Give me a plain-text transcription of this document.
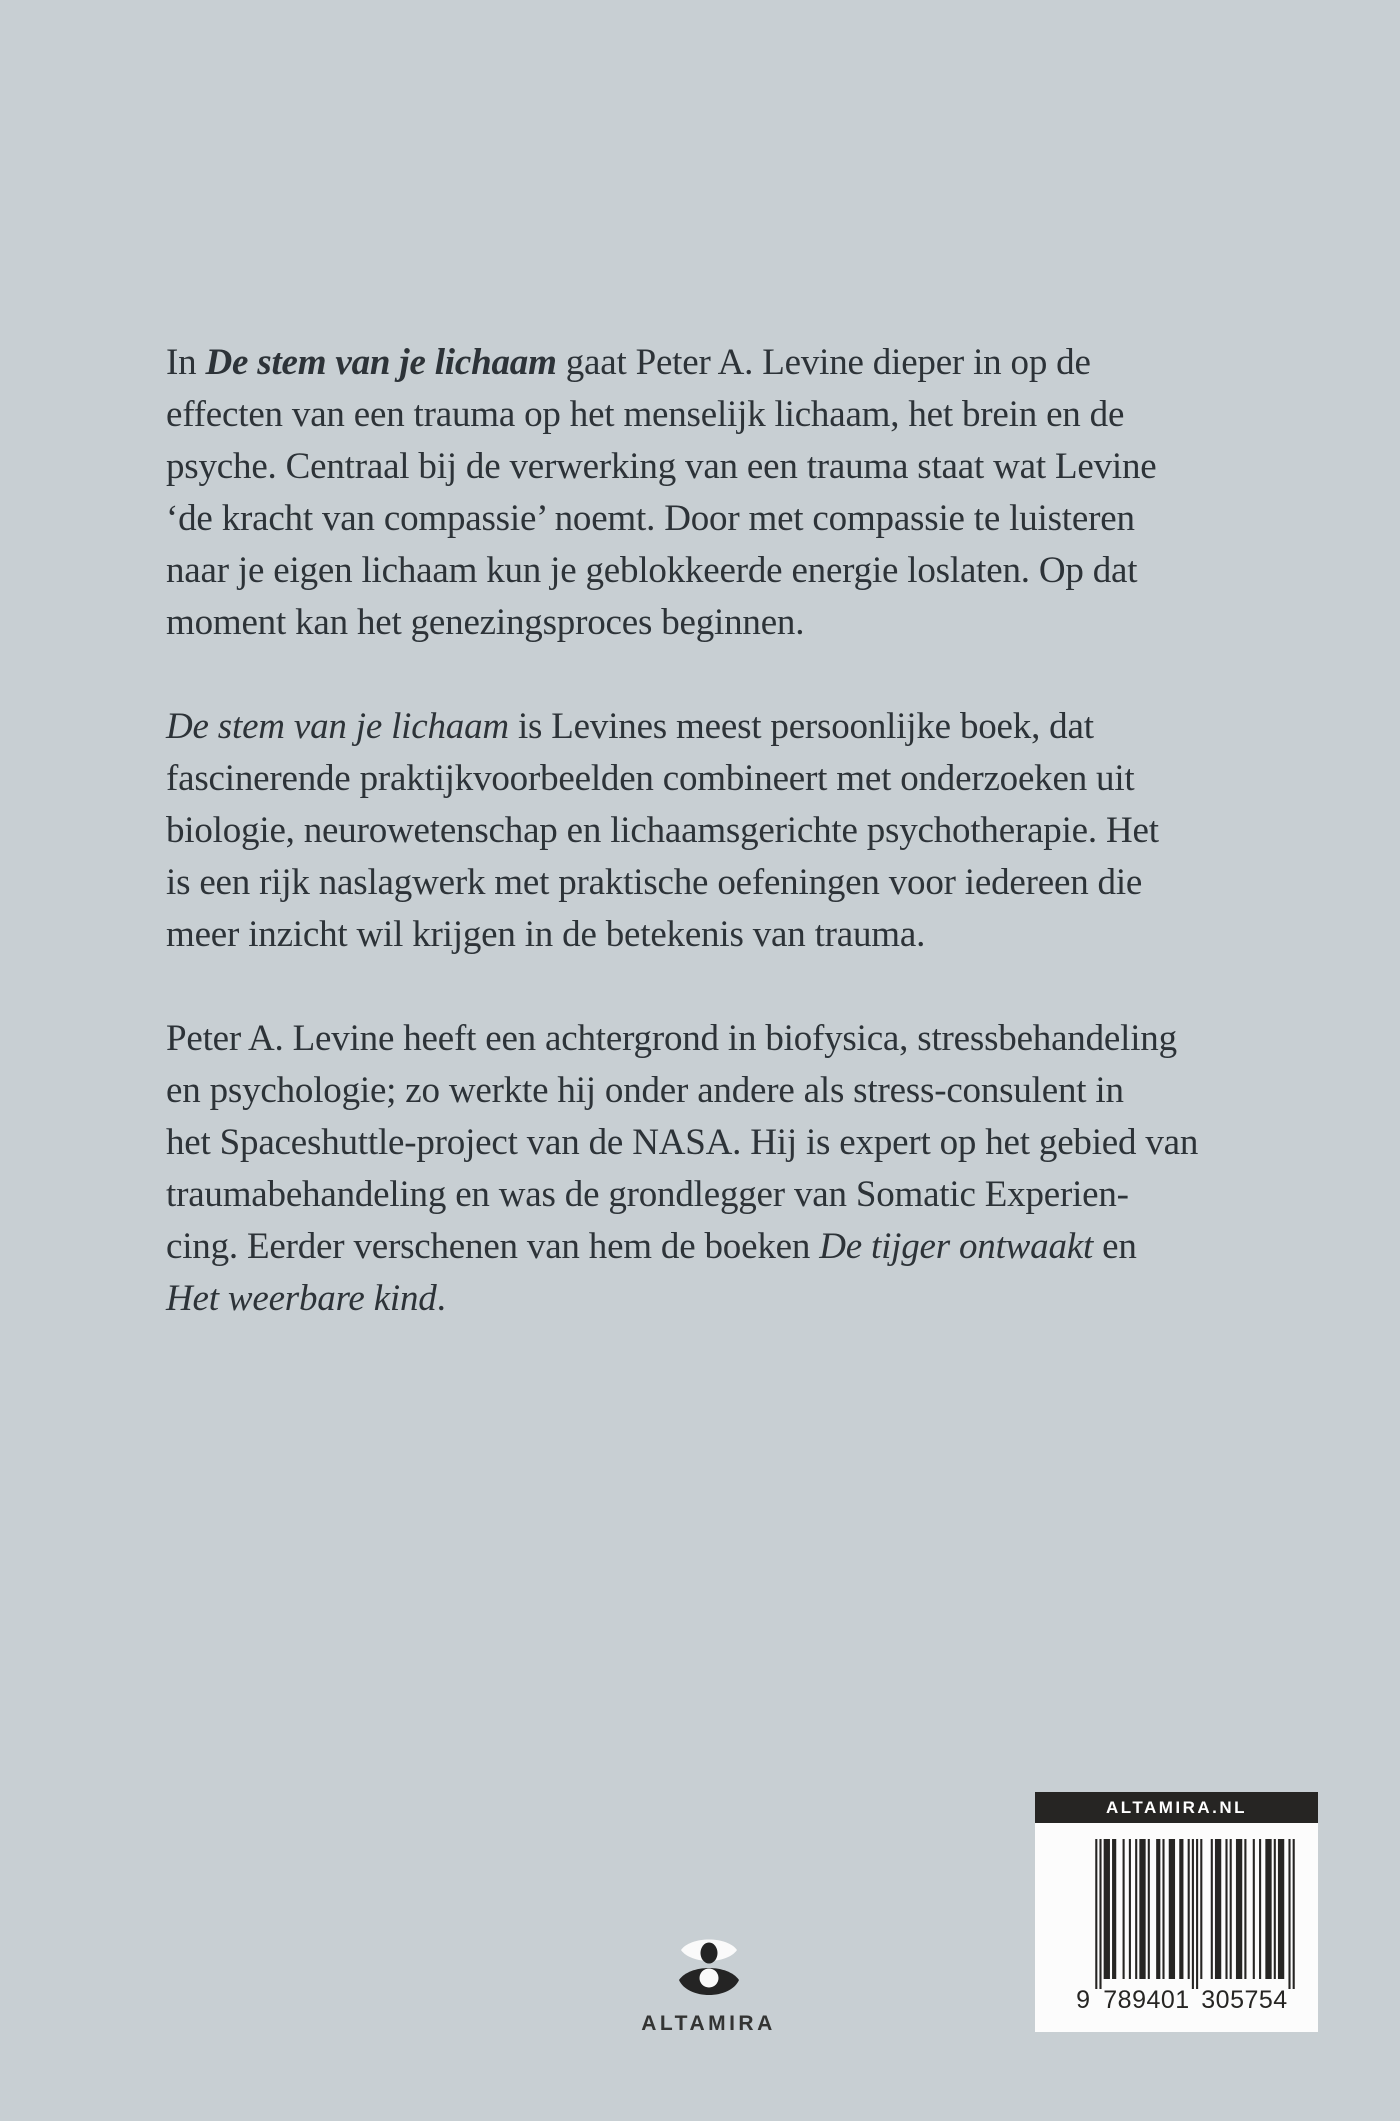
In De stem van je lichaam gaat Peter A. Levine dieper in op de
effecten van een trauma op het menselijk lichaam, het brein en de
psyche. Centraal bij de verwerking van een trauma staat wat Levine
‘de kracht van compassie’ noemt. Door met compassie te luisteren
naar je eigen lichaam kun je geblokkeerde energie loslaten. Op dat
moment kan het genezingsproces beginnen.
De stem van je lichaam is Levines meest persoonlijke boek, dat
fascinerende praktijkvoorbeelden combineert met onderzoeken uit
biologie, neurowetenschap en lichaamsgerichte psychotherapie. Het
is een rijk naslagwerk met praktische oefeningen voor iedereen die
meer inzicht wil krijgen in de betekenis van trauma.
Peter A. Levine heeft een achtergrond in biofysica, stressbehandeling
en psychologie; zo werkte hij onder andere als stress-consulent in
het Spaceshuttle-project van de NASA. Hij is expert op het gebied van
traumabehandeling en was de grondlegger van Somatic Experien-
cing. Eerder verschenen van hem de boeken De tijger ontwaakt en
Het weerbare kind.
ALTAMIRA
ALTAMIRA.NL
9 789401 305754
